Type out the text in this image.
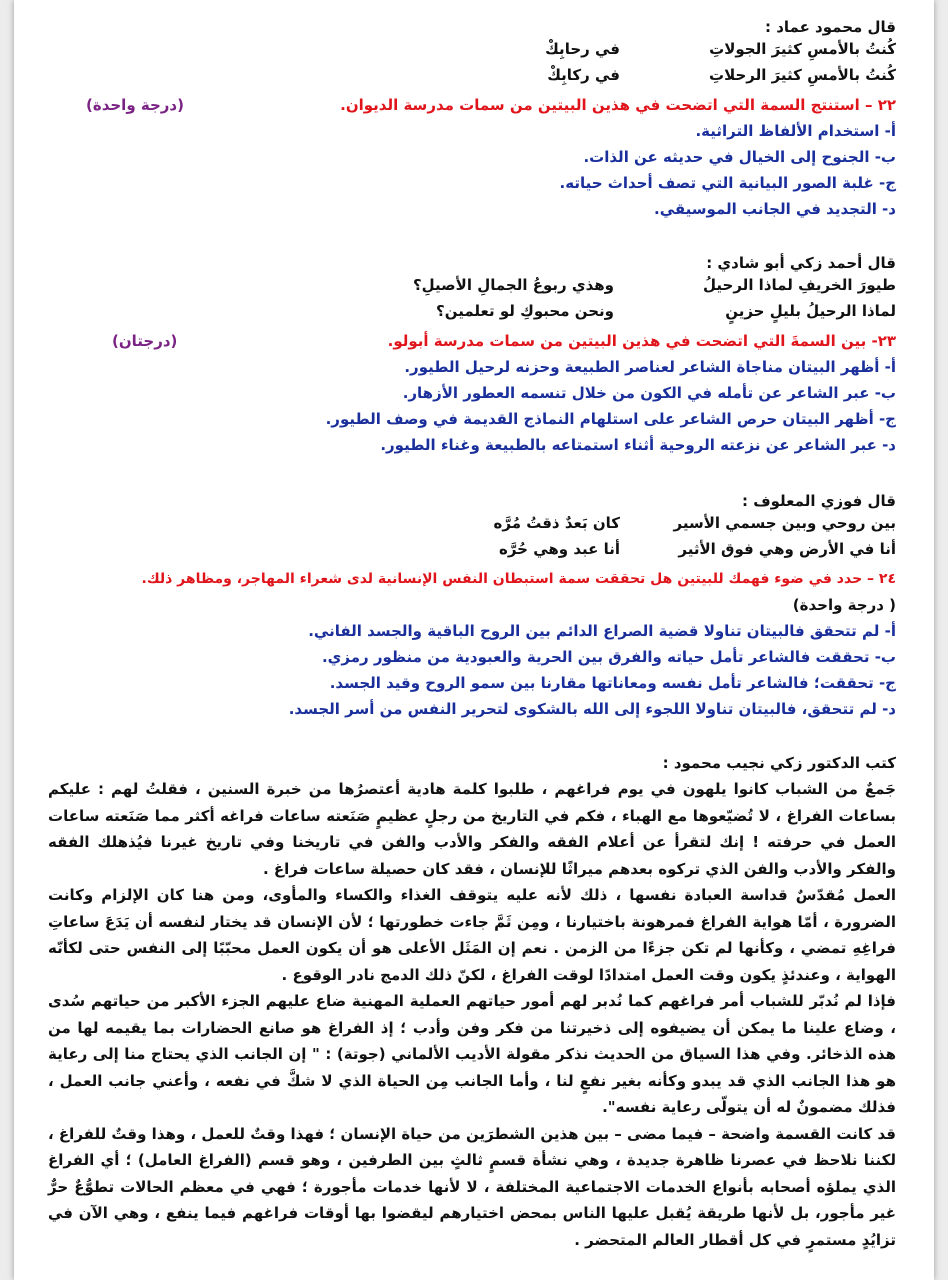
قال محمود عماد :
كُنتُ بالأمسِ كثيرَ الجولاتِ
في رحابِكْ
كُنتُ بالأمسِ كثيرَ الرحلاتِ
في ركابِكْ
٢٢ – استنتج السمة التي اتضحت في هذين البيتين من سمات مدرسة الديوان.
(درجة واحدة)
أ- استخدام الألفاظ التراثية.
ب- الجنوح إلى الخيال في حديثه عن الذات.
ج- غلبة الصور البيانية التي تصف أحداث حياته.
د- التجديد في الجانب الموسيقي.
قال أحمد زكي أبو شادي :
طيورَ الخريفِ لماذا الرحيلُ
وهذي ربوعُ الجمالِ الأصيلِ؟
لماذا الرحيلُ بليلٍ حزينٍ
ونحن محبوكِ لو تعلمين؟
٢٣- بين السمةَ التي اتضحت في هذين البيتين من سمات مدرسة أبولو.
(درجتان)
أ- أظهر البيتان مناجاة الشاعر لعناصر الطبيعة وحزنه لرحيل الطيور.
ب- عبر الشاعر عن تأمله في الكون من خلال تنسمه العطور الأزهار.
ج- أظهر البيتان حرص الشاعر على استلهام النماذج القديمة في وصف الطيور.
د- عبر الشاعر عن نزعته الروحية أثناء استمتاعه بالطبيعة وغناء الطيور.
قال فوزي المعلوف :
بين روحي وبين جسمي الأسير
كان بَعدٌ ذقتُ مُرَّه
أنا في الأرض وهي فوق الأثير
أنا عبد وهي حُرَّه
٢٤ – حدد في ضوء فهمك للبيتين هل تحققت سمة استبطان النفس الإنسانية لدى شعراء المهاجر، ومظاهر ذلك.
( درجة واحدة)
أ- لم تتحقق فالبيتان تناولا قضية الصراع الدائم بين الروح الباقية والجسد الفاني.
ب- تحققت فالشاعر تأمل حياته والفرق بين الحرية والعبودية من منظور رمزي.
ج- تحققت؛ فالشاعر تأمل نفسه ومعاناتها مقارنا بين سمو الروح وقيد الجسد.
د- لم تتحقق، فالبيتان تناولا اللجوء إلى الله بالشكوى لتحرير النفس من أسر الجسد.
كتب الدكتور زكي نجيب محمود :

جَمعٌ من الشباب كانوا يلهون في يوم فراغهم ، طلبوا كلمة هادية أعتصرُها من خبرة السنين ، فقلتُ لهم : عليكم بساعات الفراغ ، لا تُضيّعوها مع الهباء ، فكم في التاريخ من رجلٍ عظيمٍ صَنَعته ساعات فراغه أكثر مما صَنَعته ساعات العمل في حرفته ! إنك لتقرأ عن أعلام الفقه والفكر والأدب والفن في تاريخنا وفي تاريخ غيرنا فيُذهلك الفقه والفكر والأدب والفن الذي تركوه بعدهم ميراثًا للإنسان ، فقد كان حصيلة ساعات فراغ .

العمل مُقدّسٌ قداسة العبادة نفسها ، ذلك لأنه عليه يتوقف الغذاء والكساء والمأوى، ومن هنا كان الإلزام وكانت الضرورة ، أمّا هواية الفراغ فمرهونة باختيارنا ، ومِن ثَمَّ جاءت خطورتها ؛ لأن الإنسان قد يختار لنفسه أن يَدَعَ ساعاتِ فراغِهِ تمضي ، وكأنها لم تكن جزءًا من الزمن . نعم إن المَثَل الأعلى هو أن يكون العمل محبّبًا إلى النفس حتى لكأنّه الهواية ، وعندئذٍ يكون وقت العمل امتدادًا لوقت الفراغ ، لكنّ ذلك الدمج نادر الوقوع .

فإذا لم نُدبّر للشباب أمر فراغهم كما نُدبر لهم أمور حياتهم العملية المهنية ضاع عليهم الجزء الأكبر من حياتهم سُدى ، وضاع علينا ما يمكن أن يضيفوه إلى ذخيرتنا من فكر وفن وأدب ؛ إذ الفراغ هو صانع الحضارات بما يقيمه لها من هذه الذخائر. وفي هذا السياق من الحديث نذكر مقولة الأديب الألماني (جوتة) : " إن الجانب الذي يحتاج منا إلى رعاية هو هذا الجانب الذي قد يبدو وكأنه بغير نفعٍ لنا ، وأما الجانب مِن الحياة الذي لا شكَّ في نفعه ، وأعني جانب العمل ، فذلك مضمونٌ له أن يتولّى رعاية نفسه".

قد كانت القسمة واضحة – فيما مضى – بين هذين الشطرَين من حياة الإنسان ؛ فهذا وقتٌ للعمل ، وهذا وقتٌ للفراغ ، لكننا نلاحظ في عصرنا ظاهرة جديدة ، وهي نشأة قسمٍ ثالثٍ بين الطرفين ، وهو قسم (الفراغ العامل) ؛ أي الفراغ الذي يملؤه أصحابه بأنواع الخدمات الاجتماعية المختلفة ، لا لأنها خدمات مأجورة ؛ فهي في معظم الحالات تطوُّعٌ حرٌّ غير مأجور، بل لأنها طريقة يُقبل عليها الناس بمحض اختيارهم ليقضوا بها أوقات فراغهم فيما ينفع ، وهي الآن في تزايُدٍ مستمرٍ في كل أقطار العالم المتحضر .
